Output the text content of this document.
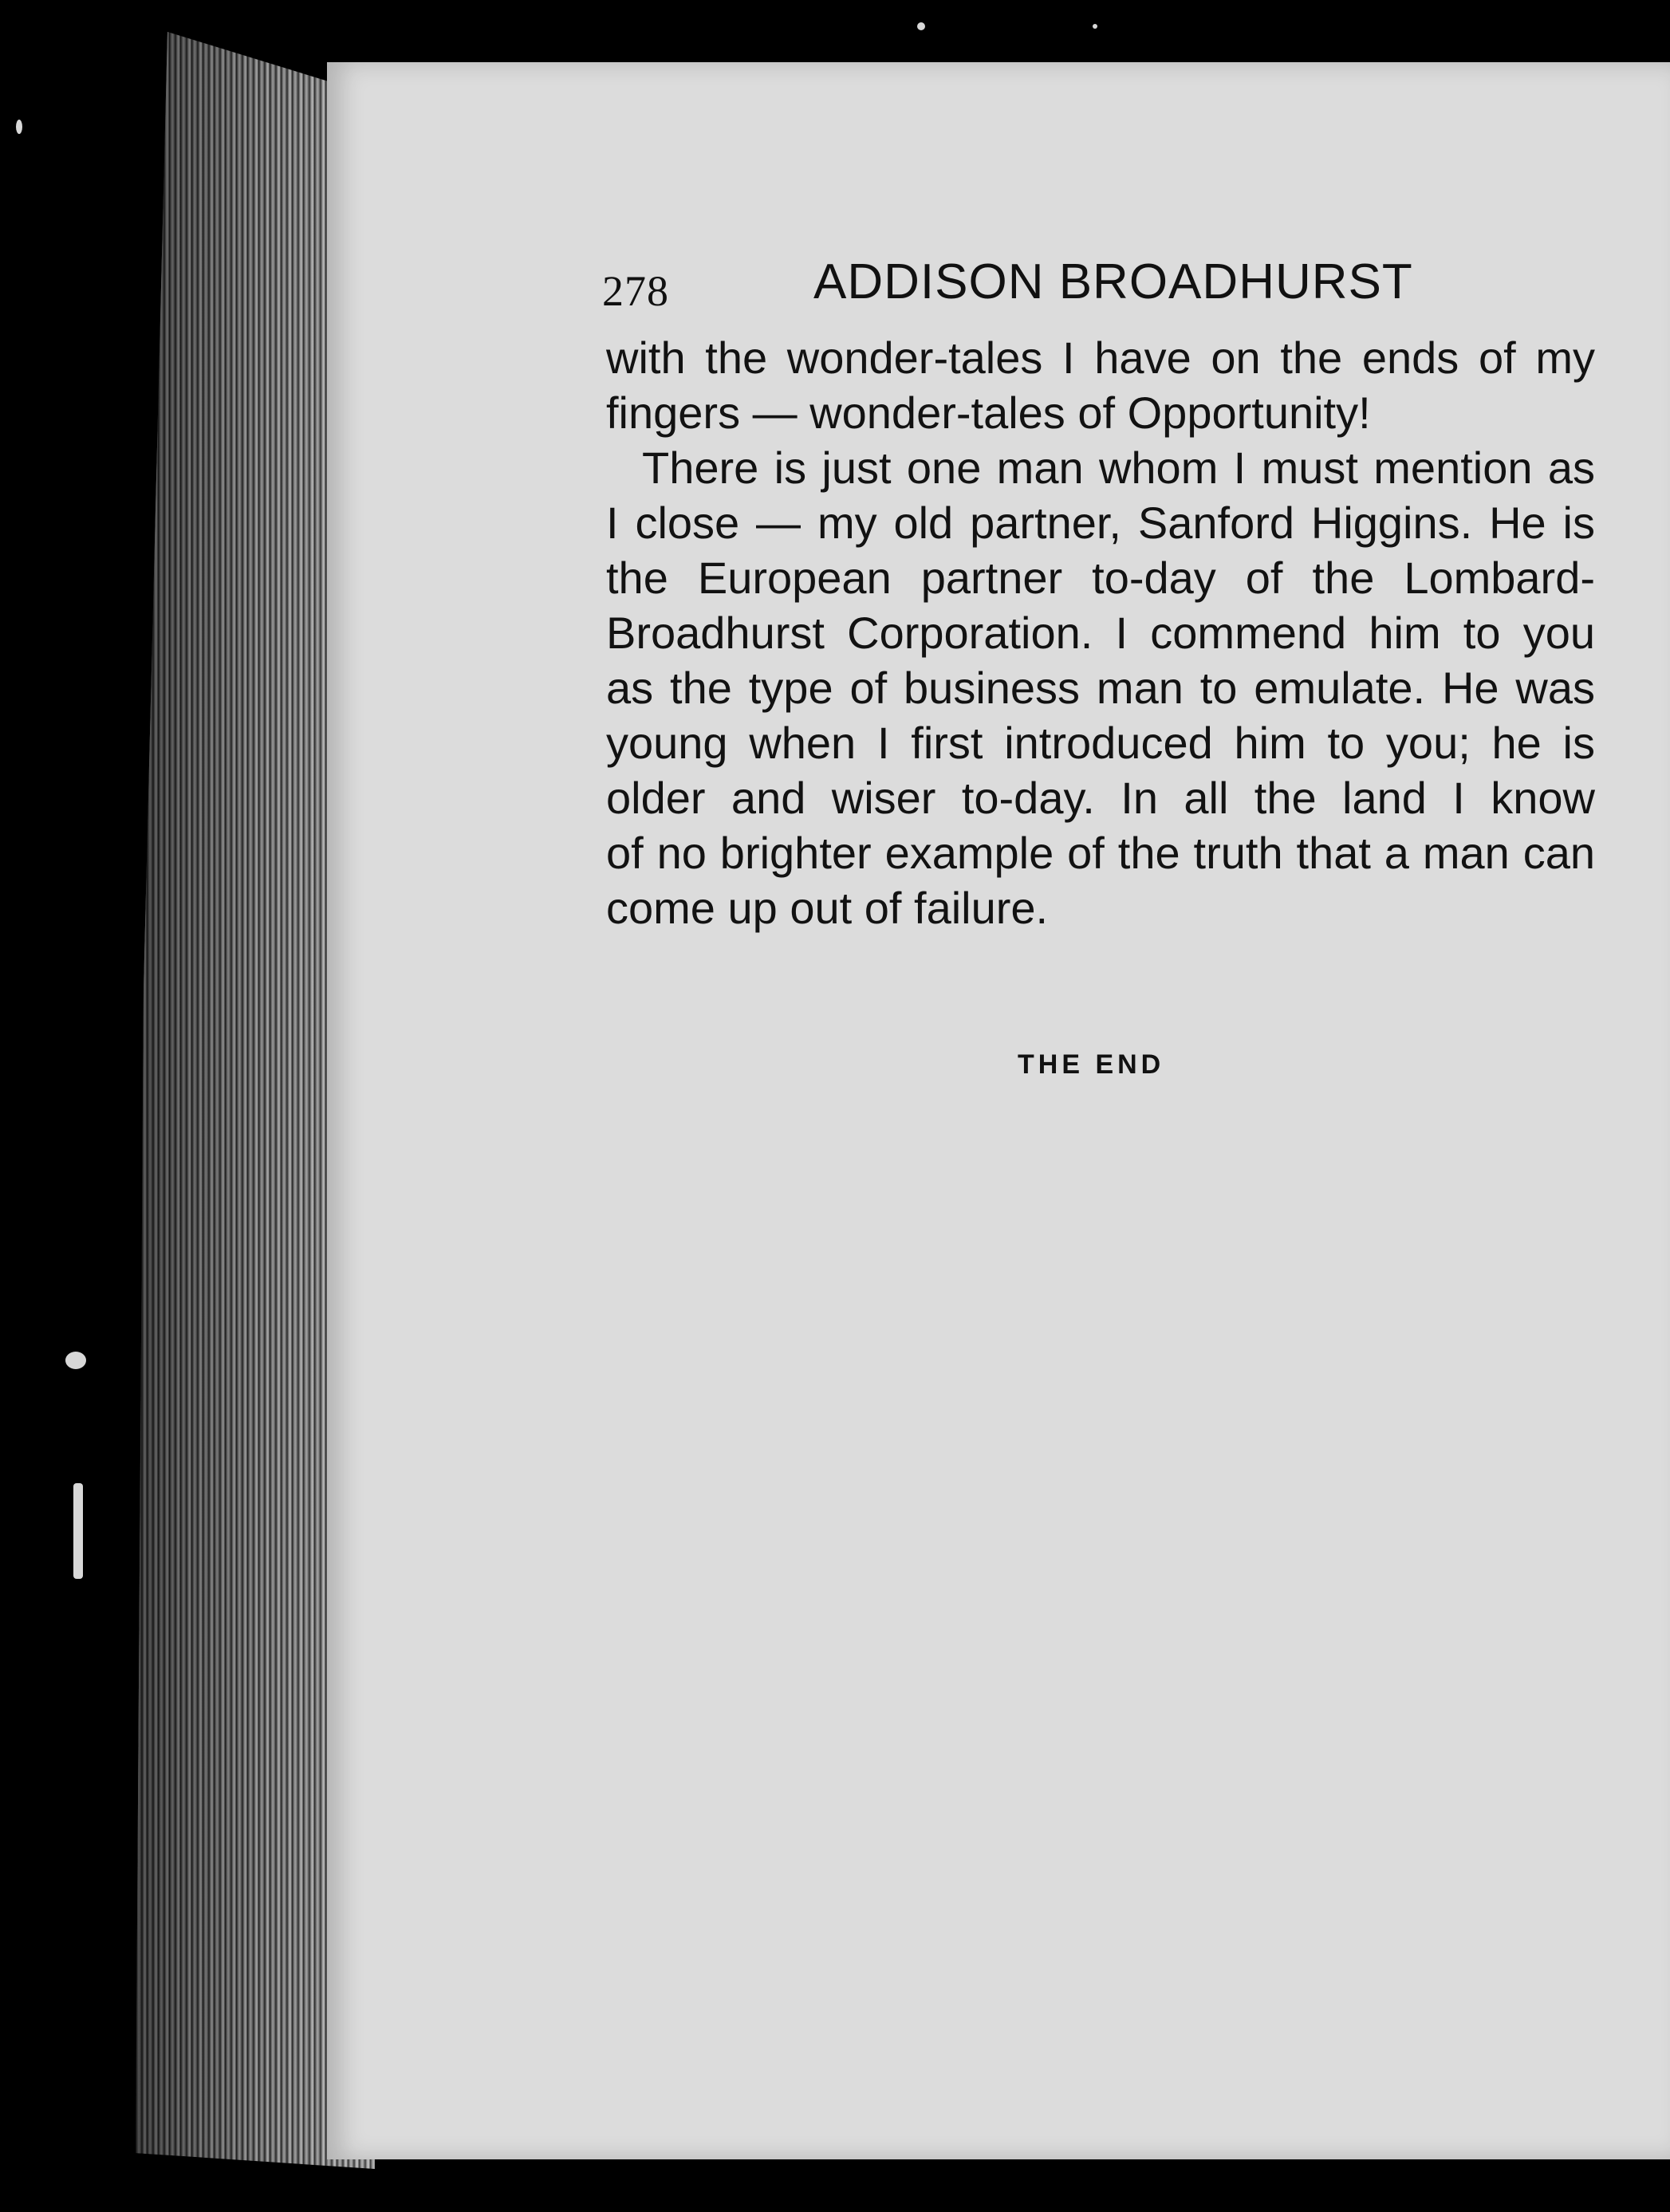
278	ADDISON BROADHURST
with the wonder-tales I have on the ends of my
fingers — wonder-tales of Opportunity!
There is just one man whom I must mention as
I close — my old partner, Sanford Higgins. He is
the European partner to-day of the Lombard-
Broadhurst Corporation. I commend him to you
as the type of business man to emulate. He was
young when I first introduced him to you; he is
older and wiser to-day. In all the land I know
of no brighter example of the truth that a man can
come up out of failure.
THE END
